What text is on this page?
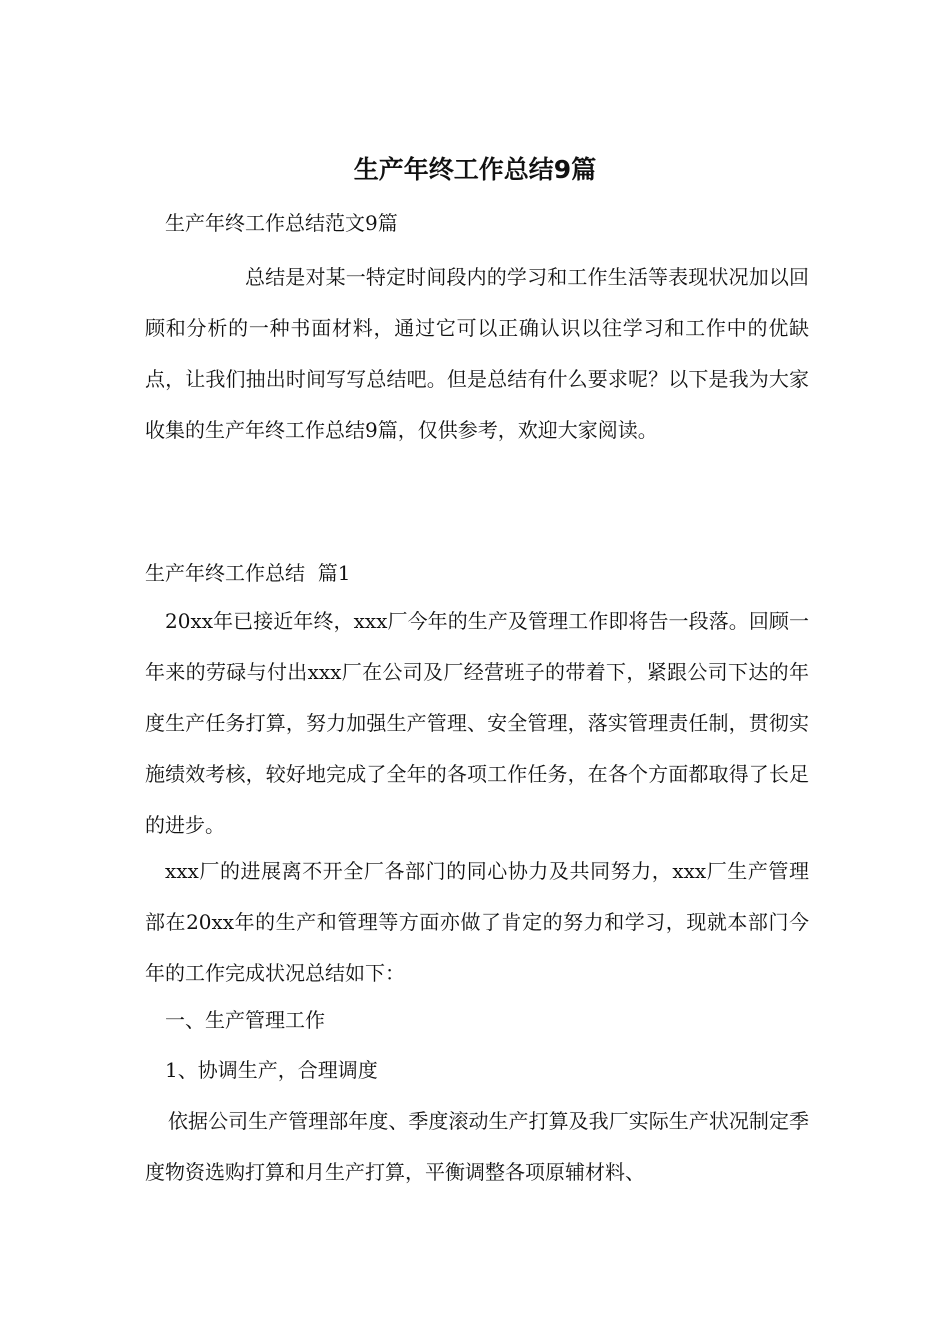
生产年终工作总结9篇

生产年终工作总结范文9篇

总结是对某一特定时间段内的学习和工作生活等表现状况加以回顾和分析的一种书面材料，通过它可以正确认识以往学习和工作中的优缺点，让我们抽出时间写写总结吧。但是总结有什么要求呢？以下是我为大家收集的生产年终工作总结9篇，仅供参考，欢迎大家阅读。

生产年终工作总结  篇1

20xx年已接近年终，xxx厂今年的生产及管理工作即将告一段落。回顾一年来的劳碌与付出xxx厂在公司及厂经营班子的带着下，紧跟公司下达的年度生产任务打算，努力加强生产管理、安全管理，落实管理责任制，贯彻实施绩效考核，较好地完成了全年的各项工作任务，在各个方面都取得了长足的进步。

xxx厂的进展离不开全厂各部门的同心协力及共同努力，xxx厂生产管理部在20xx年的生产和管理等方面亦做了肯定的努力和学习，现就本部门今年的工作完成状况总结如下：

一、生产管理工作

1、协调生产，合理调度

依据公司生产管理部年度、季度滚动生产打算及我厂实际生产状况制定季度物资选购打算和月生产打算，平衡调整各项原辅材料、
